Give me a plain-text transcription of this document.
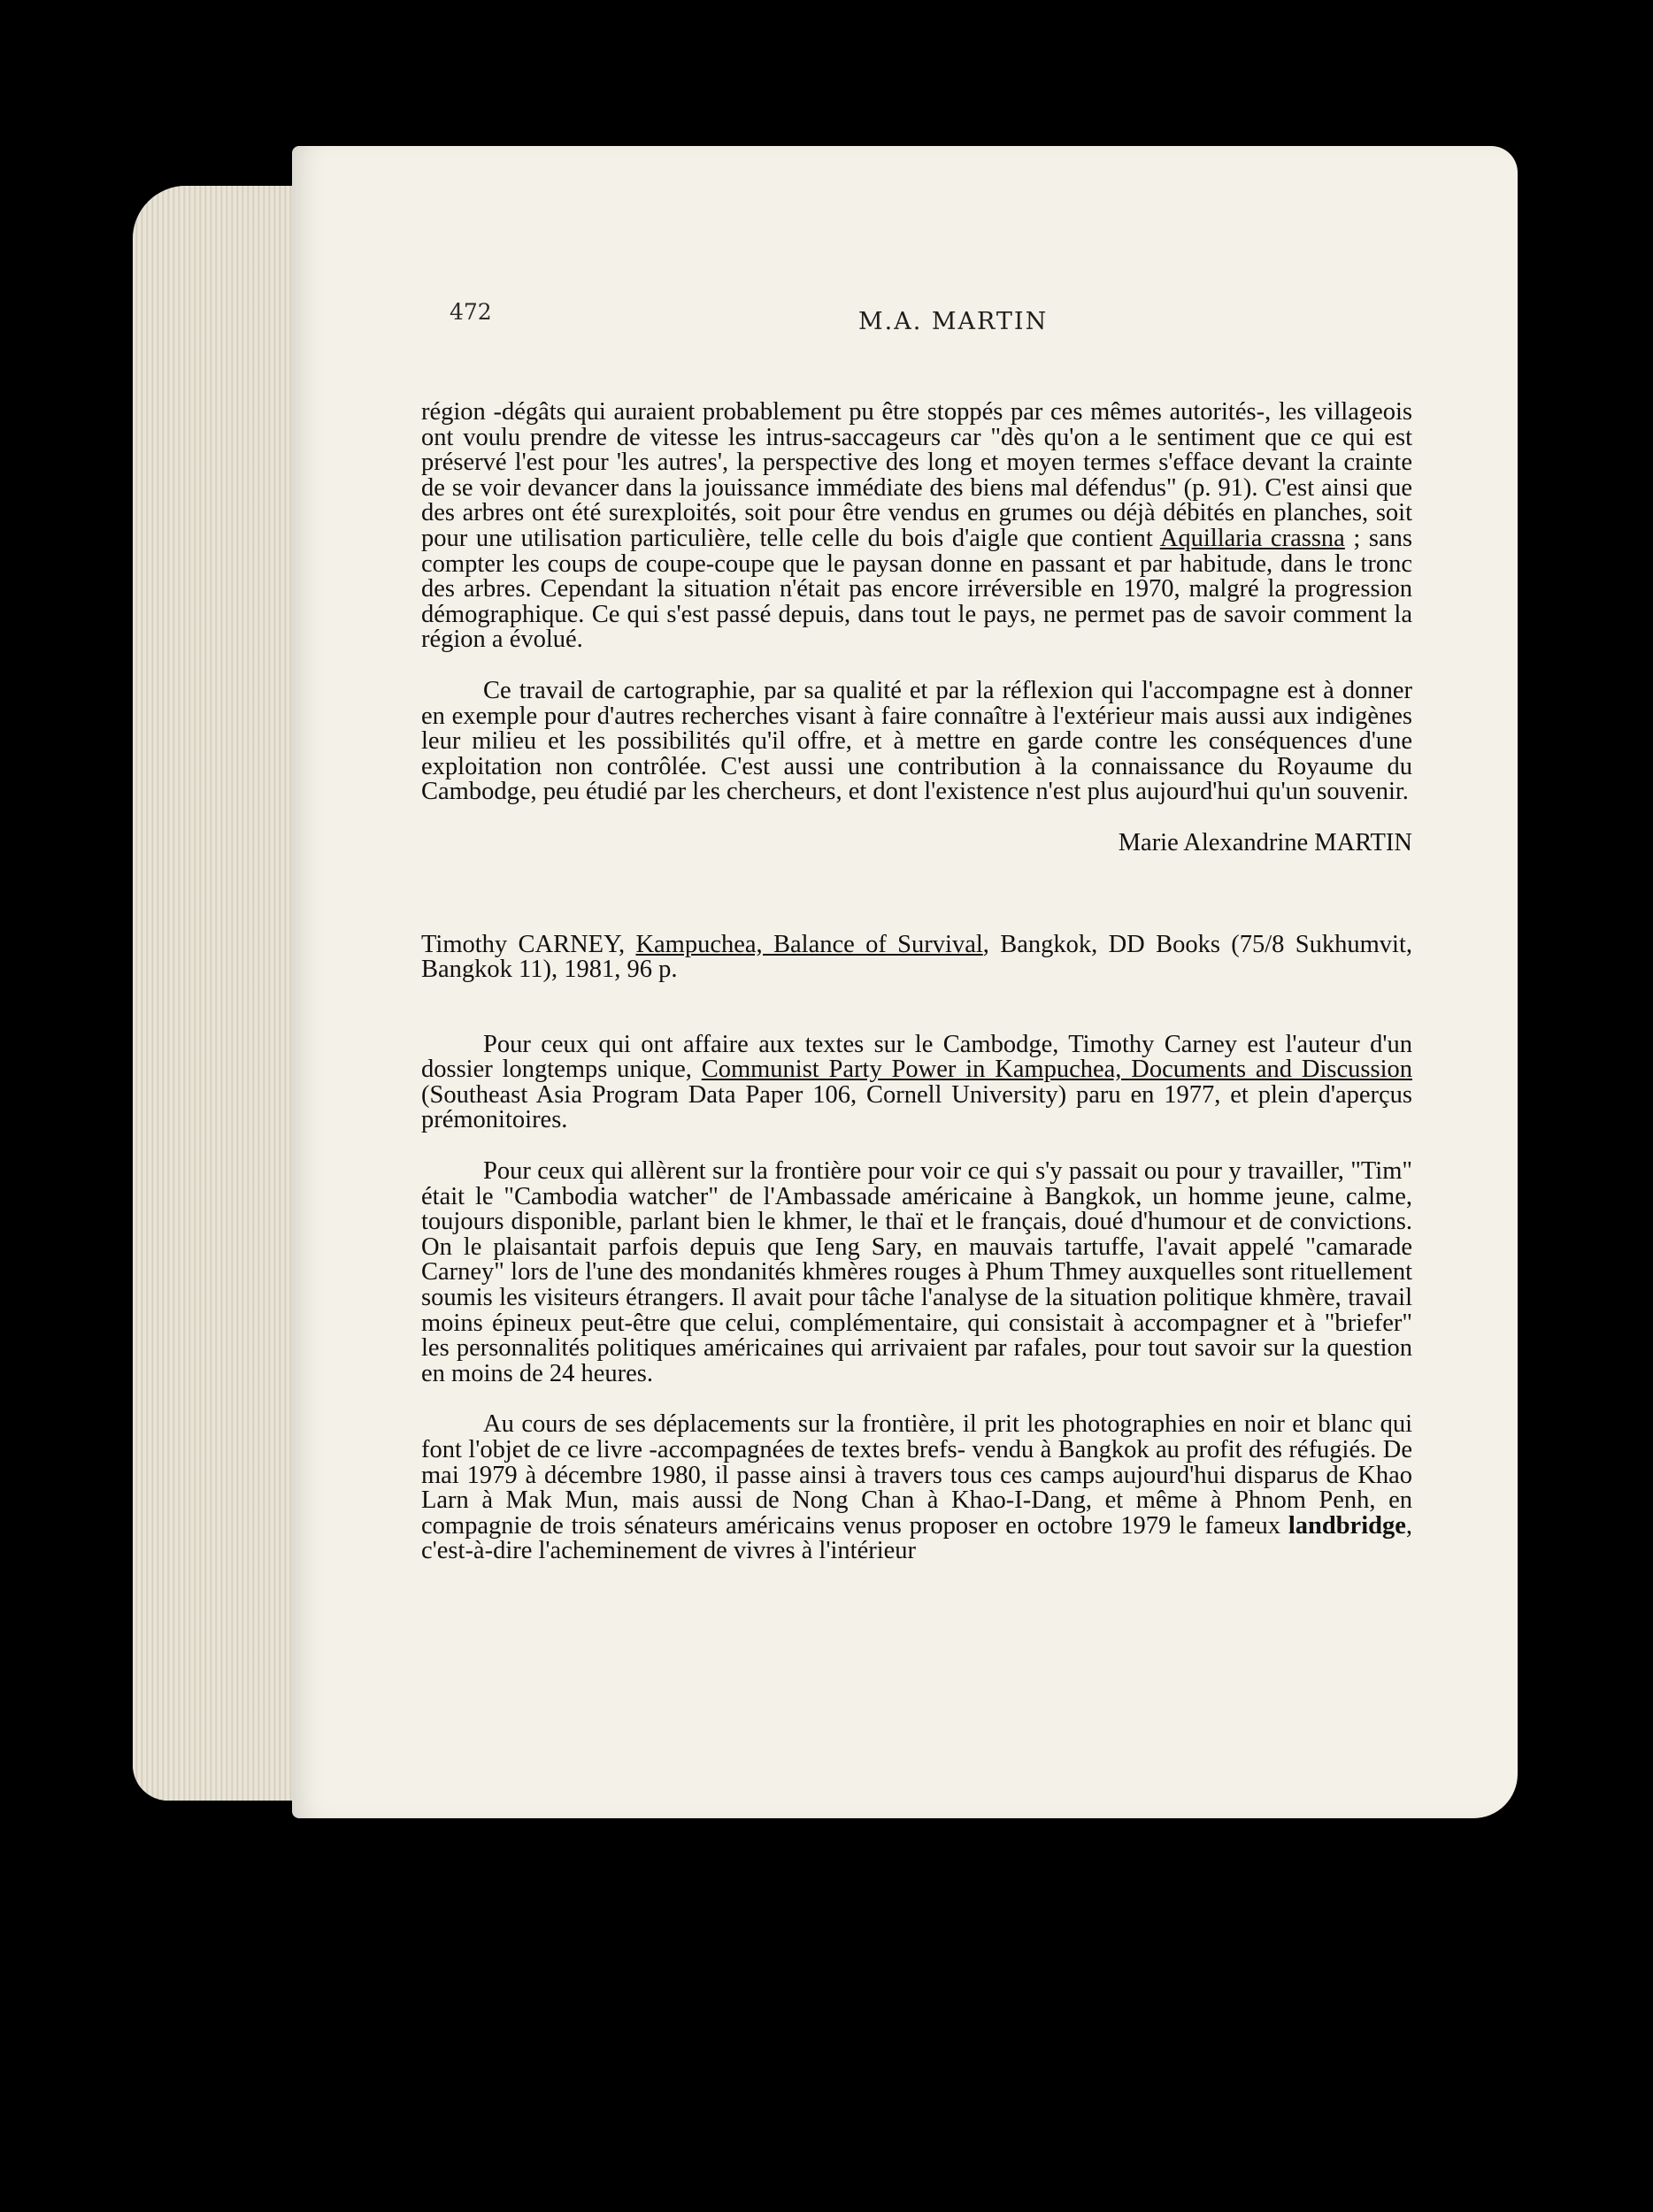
472	M.A. MARTIN

région -dégâts qui auraient probablement pu être stoppés par ces mêmes autorités-, les villageois ont voulu prendre de vitesse les intrus-saccageurs car "dès qu'on a le sentiment que ce qui est préservé l'est pour 'les autres', la perspective des long et moyen termes s'efface devant la crainte de se voir devancer dans la jouissance immédiate des biens mal défendus" (p. 91). C'est ainsi que des arbres ont été surexploités, soit pour être vendus en grumes ou déjà débités en planches, soit pour une utilisation particulière, telle celle du bois d'aigle que contient Aquillaria crassna ; sans compter les coups de coupe-coupe que le paysan donne en passant et par habitude, dans le tronc des arbres. Cependant la situation n'était pas encore irréversible en 1970, malgré la progression démographique. Ce qui s'est passé depuis, dans tout le pays, ne permet pas de savoir comment la région a évolué.

Ce travail de cartographie, par sa qualité et par la réflexion qui l'accompagne est à donner en exemple pour d'autres recherches visant à faire connaître à l'extérieur mais aussi aux indigènes leur milieu et les possibilités qu'il offre, et à mettre en garde contre les conséquences d'une exploitation non contrôlée. C'est aussi une contribution à la connaissance du Royaume du Cambodge, peu étudié par les chercheurs, et dont l'existence n'est plus aujourd'hui qu'un souvenir.

Marie Alexandrine MARTIN

Timothy CARNEY, Kampuchea, Balance of Survival, Bangkok, DD Books (75/8 Sukhumvit, Bangkok 11), 1981, 96 p.

Pour ceux qui ont affaire aux textes sur le Cambodge, Timothy Carney est l'auteur d'un dossier longtemps unique, Communist Party Power in Kampuchea, Documents and Discussion (Southeast Asia Program Data Paper 106, Cornell University) paru en 1977, et plein d'aperçus prémonitoires.

Pour ceux qui allèrent sur la frontière pour voir ce qui s'y passait ou pour y travailler, "Tim" était le "Cambodia watcher" de l'Ambassade américaine à Bangkok, un homme jeune, calme, toujours disponible, parlant bien le khmer, le thaï et le français, doué d'humour et de convictions. On le plaisantait parfois depuis que Ieng Sary, en mauvais tartuffe, l'avait appelé "camarade Carney" lors de l'une des mondanités khmères rouges à Phum Thmey auxquelles sont rituellement soumis les visiteurs étrangers. Il avait pour tâche l'analyse de la situation politique khmère, travail moins épineux peut-être que celui, complémentaire, qui consistait à accompagner et à "briefer" les personnalités politiques américaines qui arrivaient par rafales, pour tout savoir sur la question en moins de 24 heures.

Au cours de ses déplacements sur la frontière, il prit les photographies en noir et blanc qui font l'objet de ce livre -accompagnées de textes brefs- vendu à Bangkok au profit des réfugiés. De mai 1979 à décembre 1980, il passe ainsi à travers tous ces camps aujourd'hui disparus de Khao Larn à Mak Mun, mais aussi de Nong Chan à Khao-I-Dang, et même à Phnom Penh, en compagnie de trois sénateurs américains venus proposer en octobre 1979 le fameux landbridge, c'est-à-dire l'acheminement de vivres à l'intérieur
